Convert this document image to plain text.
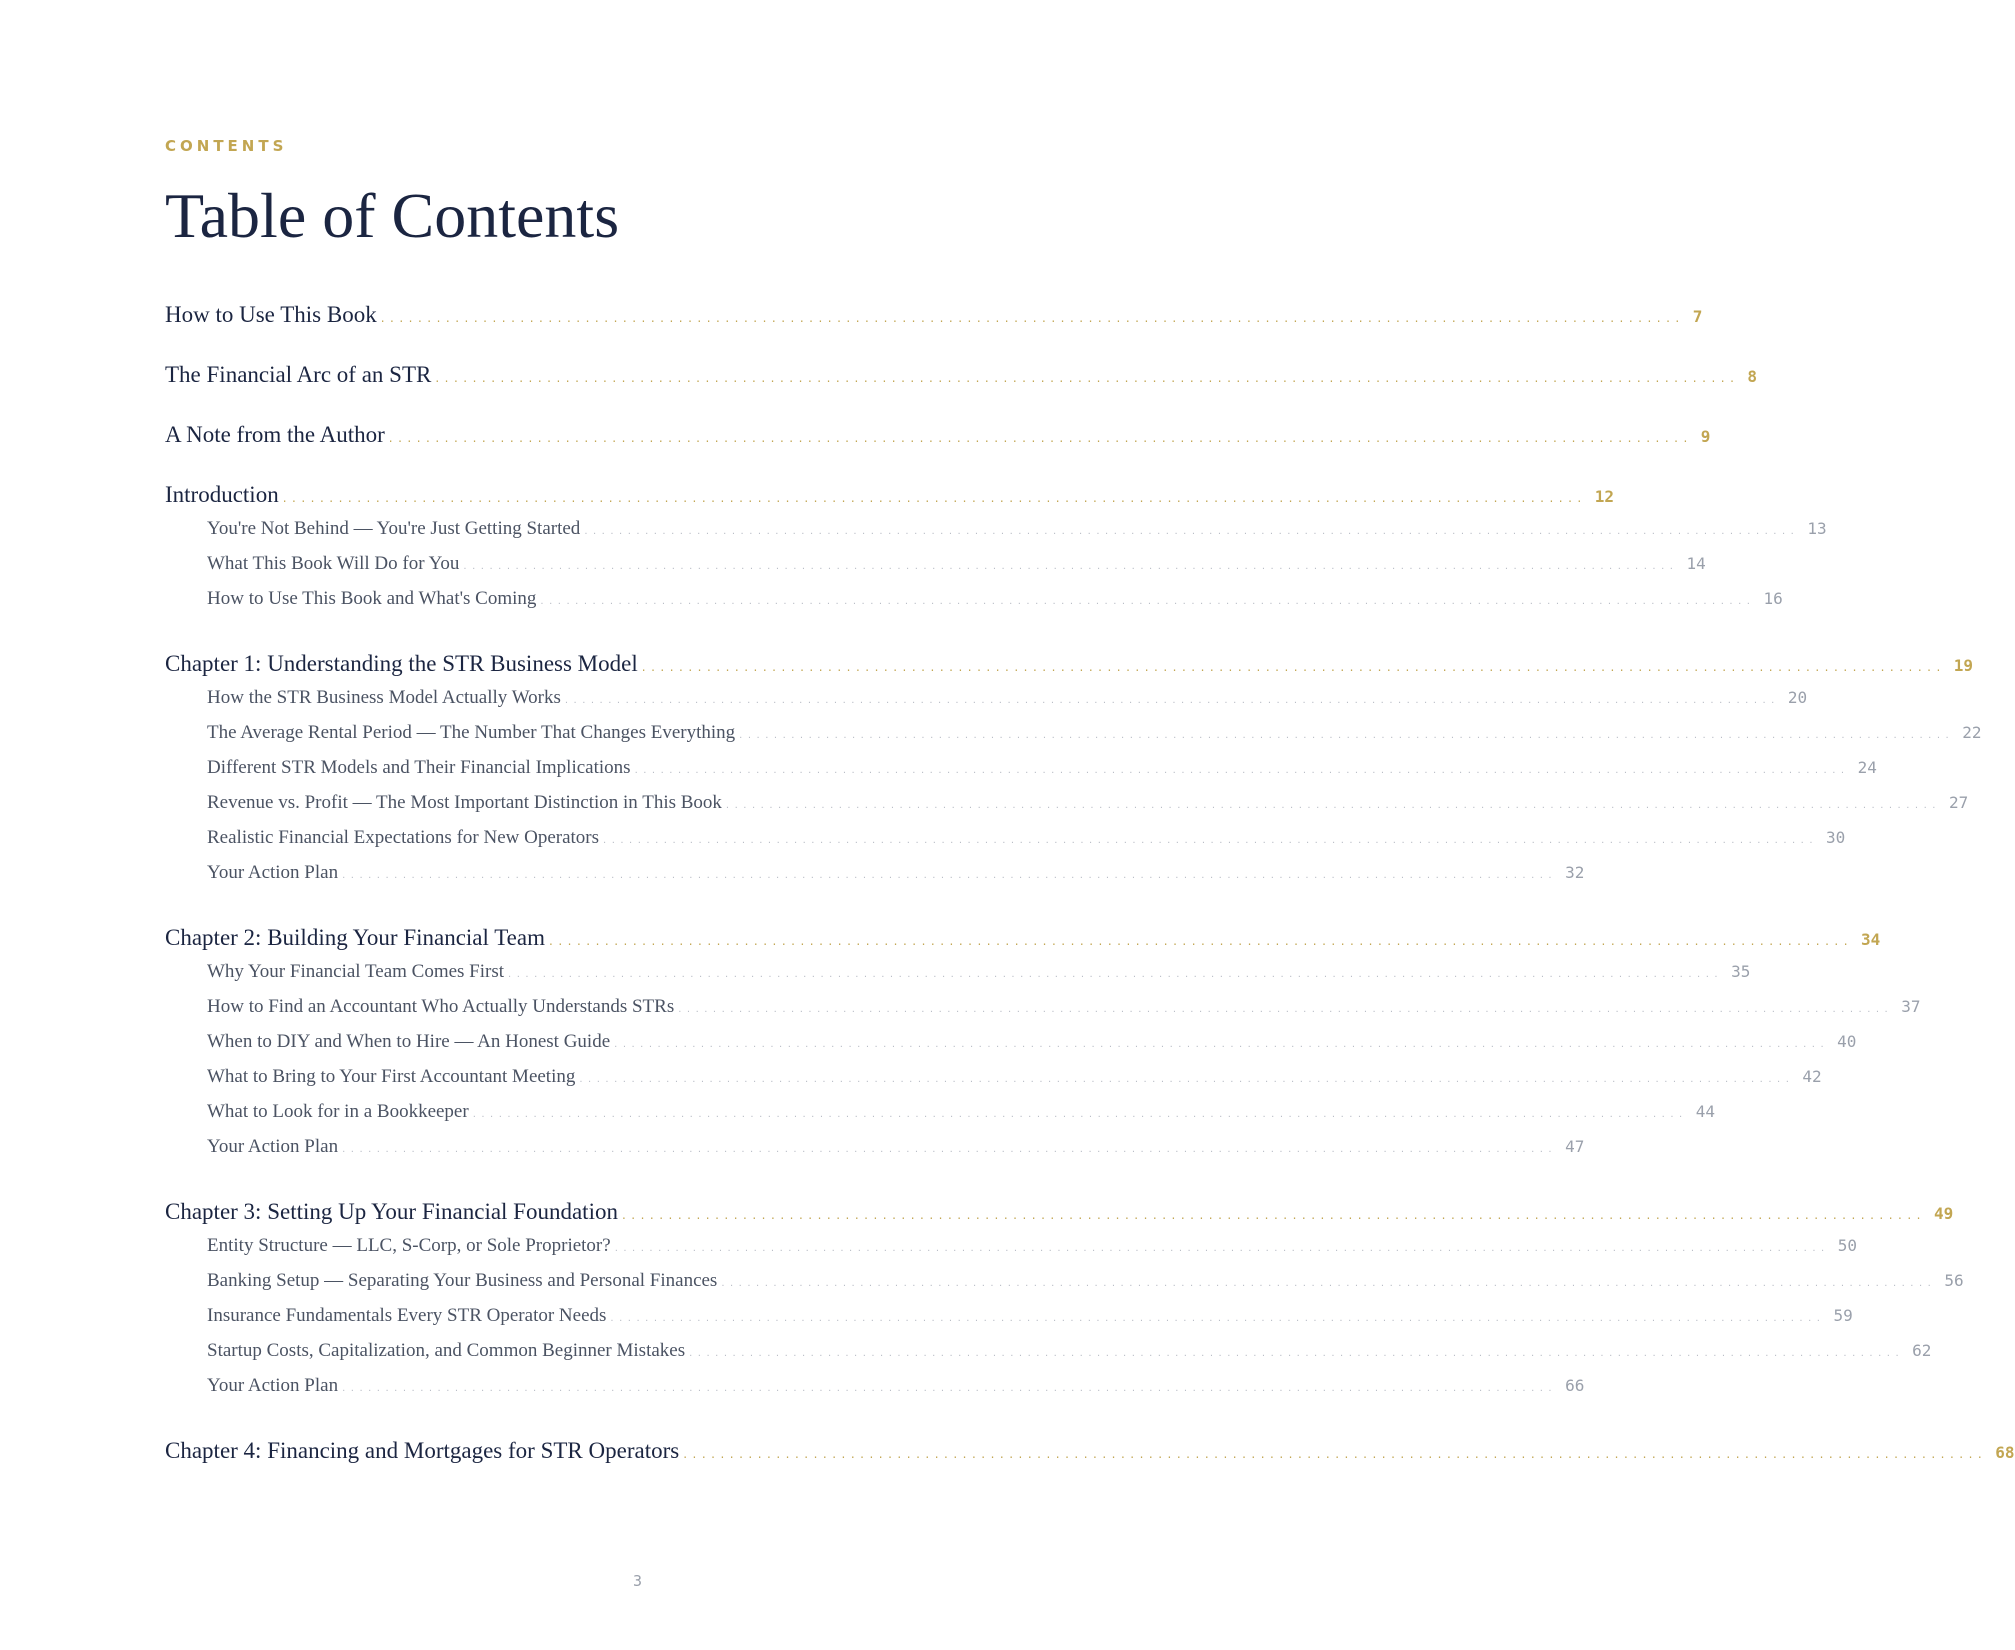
CONTENTS
Table of Contents
How to Use This Book ............................................................................................................................................ 7
The Financial Arc of an STR ............................................................................................................................................ 8
A Note from the Author ............................................................................................................................................ 9
Introduction ............................................................................................................................................ 12
You're Not Behind — You're Just Getting Started ............................................................................................................................................ 13
What This Book Will Do for You ............................................................................................................................................ 14
How to Use This Book and What's Coming ............................................................................................................................................ 16
Chapter 1: Understanding the STR Business Model ............................................................................................................................................ 19
How the STR Business Model Actually Works ............................................................................................................................................ 20
The Average Rental Period — The Number That Changes Everything ............................................................................................................................................ 22
Different STR Models and Their Financial Implications ............................................................................................................................................ 24
Revenue vs. Profit — The Most Important Distinction in This Book ............................................................................................................................................ 27
Realistic Financial Expectations for New Operators ............................................................................................................................................ 30
Your Action Plan ............................................................................................................................................ 32
Chapter 2: Building Your Financial Team ............................................................................................................................................ 34
Why Your Financial Team Comes First ............................................................................................................................................ 35
How to Find an Accountant Who Actually Understands STRs ............................................................................................................................................ 37
When to DIY and When to Hire — An Honest Guide ............................................................................................................................................ 40
What to Bring to Your First Accountant Meeting ............................................................................................................................................ 42
What to Look for in a Bookkeeper ............................................................................................................................................ 44
Your Action Plan ............................................................................................................................................ 47
Chapter 3: Setting Up Your Financial Foundation ............................................................................................................................................ 49
Entity Structure — LLC, S-Corp, or Sole Proprietor? ............................................................................................................................................ 50
Banking Setup — Separating Your Business and Personal Finances ............................................................................................................................................ 56
Insurance Fundamentals Every STR Operator Needs ............................................................................................................................................ 59
Startup Costs, Capitalization, and Common Beginner Mistakes ............................................................................................................................................ 62
Your Action Plan ............................................................................................................................................ 66
Chapter 4: Financing and Mortgages for STR Operators ............................................................................................................................................ 68
3
